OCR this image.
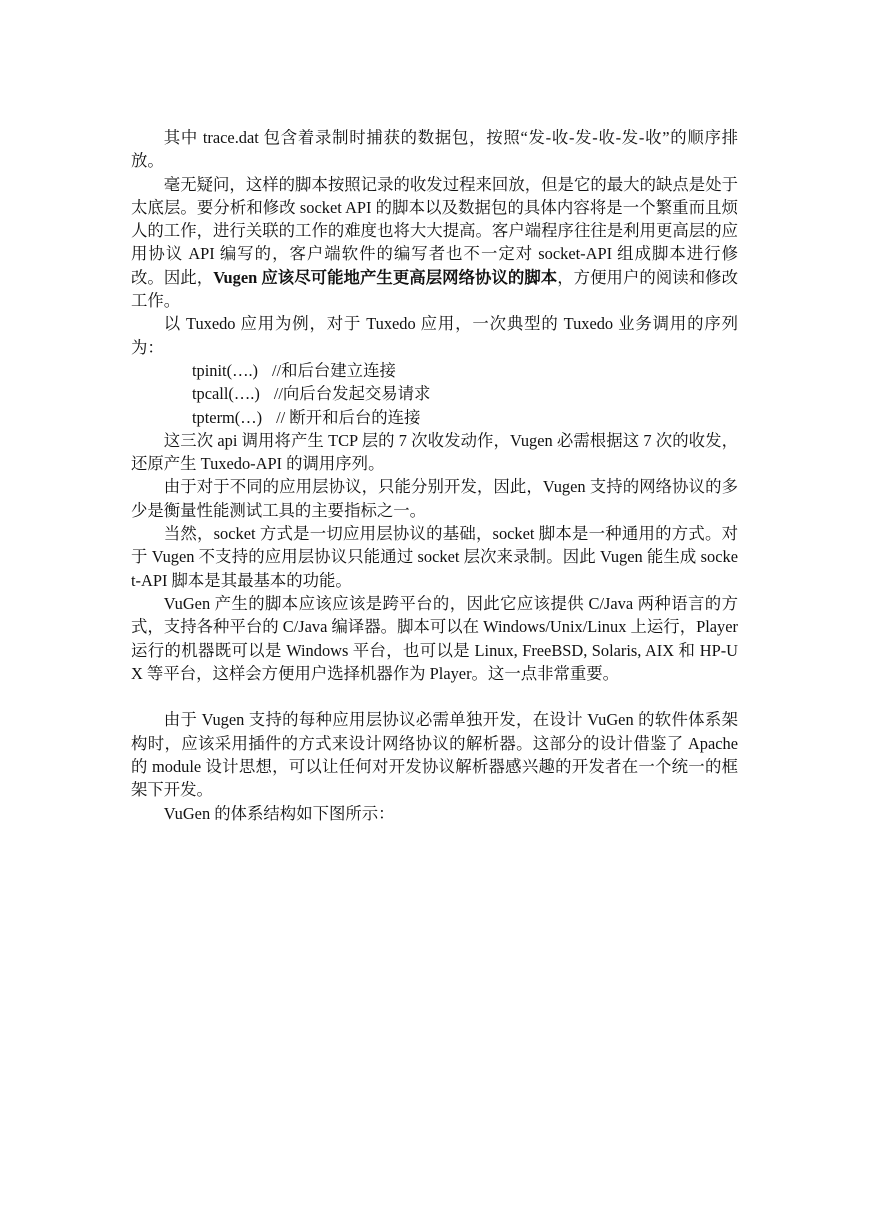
其中 trace.dat 包含着录制时捕获的数据包，按照“发-收-发-收-发-收”的顺序排放。

毫无疑问，这样的脚本按照记录的收发过程来回放，但是它的最大的缺点是处于太底层。要分析和修改 socket API 的脚本以及数据包的具体内容将是一个繁重而且烦人的工作，进行关联的工作的难度也将大大提高。客户端程序往往是利用更高层的应用协议 API 编写的，客户端软件的编写者也不一定对 socket-API 组成脚本进行修改。因此，Vugen 应该尽可能地产生更高层网络协议的脚本，方便用户的阅读和修改工作。

以 Tuxedo 应用为例，对于 Tuxedo 应用，一次典型的 Tuxedo 业务调用的序列为：

tpinit(….) //和后台建立连接

tpcall(….) //向后台发起交易请求

tpterm(…) // 断开和后台的连接

这三次 api 调用将产生 TCP 层的 7 次收发动作，Vugen 必需根据这 7 次的收发，还原产生 Tuxedo-API 的调用序列。

由于对于不同的应用层协议，只能分别开发，因此，Vugen 支持的网络协议的多少是衡量性能测试工具的主要指标之一。

当然，socket 方式是一切应用层协议的基础，socket 脚本是一种通用的方式。对于 Vugen 不支持的应用层协议只能通过 socket 层次来录制。因此 Vugen 能生成 socket-API 脚本是其最基本的功能。

VuGen 产生的脚本应该应该是跨平台的，因此它应该提供 C/Java 两种语言的方式，支持各种平台的 C/Java 编译器。脚本可以在 Windows/Unix/Linux 上运行，Player 运行的机器既可以是 Windows 平台，也可以是 Linux, FreeBSD, Solaris, AIX 和 HP-UX 等平台，这样会方便用户选择机器作为 Player。这一点非常重要。

由于 Vugen 支持的每种应用层协议必需单独开发，在设计 VuGen 的软件体系架构时，应该采用插件的方式来设计网络协议的解析器。这部分的设计借鉴了 Apache 的 module 设计思想，可以让任何对开发协议解析器感兴趣的开发者在一个统一的框架下开发。

VuGen 的体系结构如下图所示：
